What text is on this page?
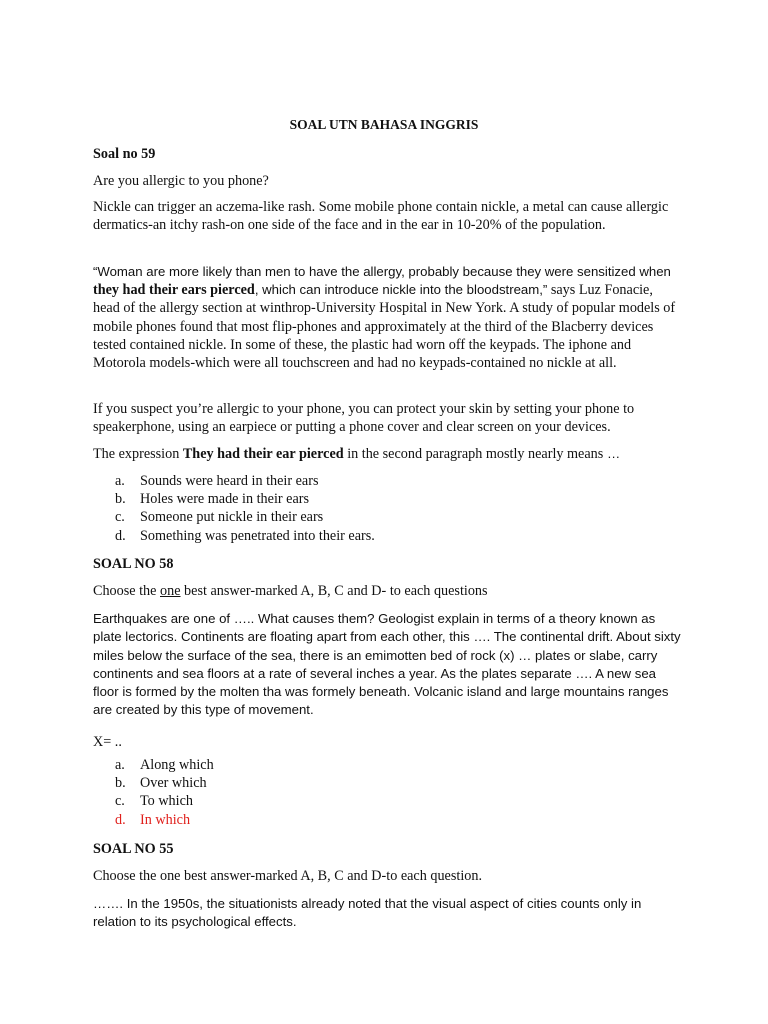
SOAL UTN BAHASA INGGRIS
Soal no 59
Are you allergic to you phone?
Nickle can trigger an aczema-like rash. Some mobile phone contain nickle, a metal can cause allergic dermatics-an itchy rash-on one side of the face and in the ear in 10-20% of the population.
“Woman are more likely than men to have the allergy, probably because they were sensitized when they had their ears pierced, which can introduce nickle into the bloodstream,” says Luz Fonacie, head of the allergy section at winthrop-University Hospital in New York. A study of popular models of mobile phones found that most flip-phones and approximately at the third of the Blacberry devices tested contained nickle. In some of these, the plastic had worn off the keypads. The iphone and Motorola models-which were all touchscreen and had no keypads-contained no nickle at all.
If you suspect you’re allergic to your phone, you can protect your skin by setting your phone to speakerphone, using an earpiece or putting a phone cover and clear screen on your devices.
The expression They had their ear pierced in the second paragraph mostly nearly means …
a.	Sounds were heard in their ears
b.	Holes were made in their ears
c.	Someone put nickle in their ears
d.	Something was penetrated into their ears.
SOAL NO 58
Choose the one best answer-marked A, B, C and D- to each questions
Earthquakes are one of ….. What causes them? Geologist explain in terms of a theory known as plate lectorics. Continents are floating apart from each other, this …. The continental drift. About sixty miles below the surface of the sea, there is an emimotten bed of rock (x) … plates or slabe, carry continents and sea floors at a rate of several inches a year. As the plates separate …. A new sea floor is formed by the molten tha was formely beneath. Volcanic island and large mountains ranges are created by this type of movement.
X= ..
a.	Along which
b.	Over which
c.	To which
d.	In which
SOAL NO 55
Choose the one best answer-marked A, B, C and D-to each question.
……. In the 1950s, the situationists already noted that the visual aspect of cities counts only in relation to its psychological effects.
